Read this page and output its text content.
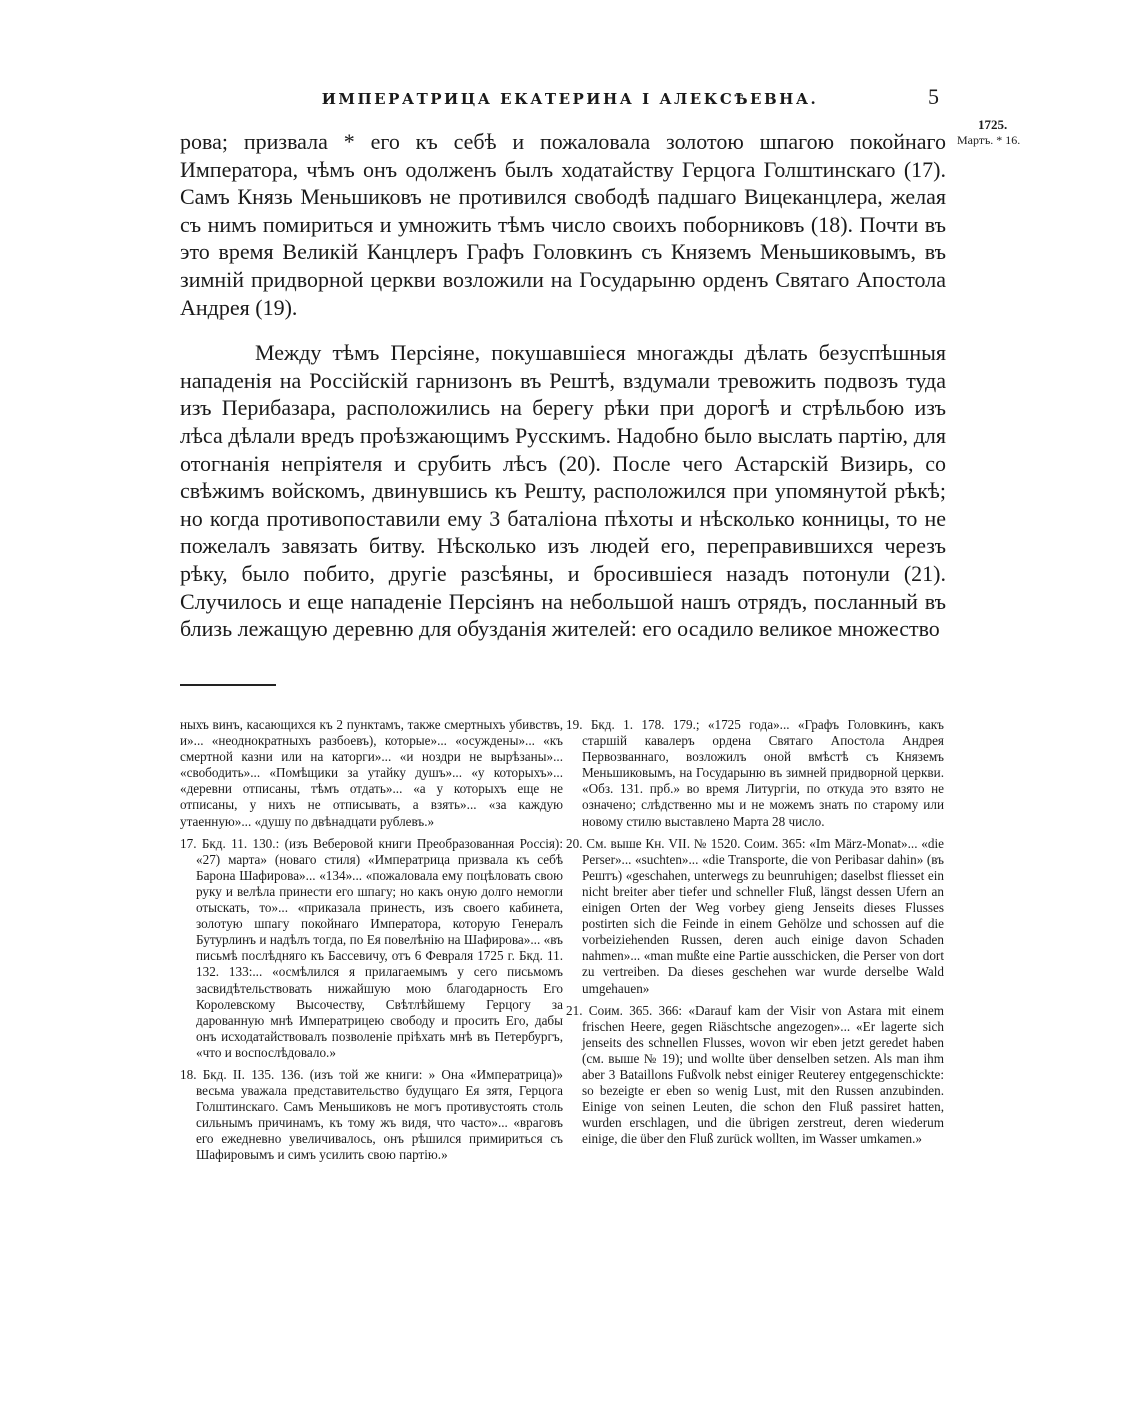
ИМПЕРАТРИЦА ЕКАТЕРИНА I АЛЕКСѢЕВНА.	5
1725.
Мартъ. * 16.

рова; призвала * его къ себѣ и пожаловала золотою шпагою покойнаго Императора, чѣмъ онъ одолженъ былъ ходатайству Герцога Голштинскаго (17). Самъ Князь Меньшиковъ не противился свободѣ падшаго Вицеканцлера, желая съ нимъ помириться и умножить тѣмъ число своихъ поборниковъ (18). Почти въ это время Великій Канцлеръ Графъ Головкинъ съ Княземъ Меньшиковымъ, въ зимній придворной церкви возложили на Государыню орденъ Святаго Апостола Андрея (19).

Между тѣмъ Персіяне, покушавшіеся многажды дѣлать безуспѣшныя нападенія на Россійскій гарнизонъ въ Рештѣ, вздумали тревожить подвозъ туда изъ Перибазара, расположились на берегу рѣки при дорогѣ и стрѣльбою изъ лѣса дѣлали вредъ проѣзжающимъ Русскимъ. Надобно было выслать партію, для отогнанія непріятеля и срубить лѣсъ (20). После чего Астарскій Визирь, со свѣжимъ войскомъ, двинувшись къ Решту, расположился при упомянутой рѣкѣ; но когда противопоставили ему 3 баталіона пѣхоты и нѣсколько конницы, то не пожелалъ завязать битву. Нѣсколько изъ людей его, переправившихся черезъ рѣку, было побито, другіе разсѣяны, и бросившіеся назадъ потонули (21). Случилось и еще нападеніе Персіянъ на небольшой нашъ отрядъ, посланный въ близь лежащую деревню для обузданія жителей: его осадило великое множество

ныхъ винъ, касающихся къ 2 пунктамъ, также смертныхъ убивствъ, и»... «неоднократныхъ разбоевъ), которые»... «осуждены»... «къ смертной казни или на каторги»... «и ноздри не вырѣзаны»... «свободить»... «Помѣщики за утайку душъ»... «у которыхъ»... «деревни отписаны, тѣмъ отдать»... «а у которыхъ еще не отписаны, у нихъ не отписывать, а взять»... «за каждую утаенную»... «душу по двѣнадцати рублевъ.»

17. Бкд. 11. 130.: (изъ Веберовой книги Преобразованная Россія): «27) марта» (новаго стиля) «Императрица призвала къ себѣ Барона Шафирова»... «134»... «пожаловала ему поцѣловать свою руку и велѣла принести его шпагу; но какъ оную долго немогли отыскать, то»... «приказала принесть, изъ своего кабинета, золотую шпагу покойнаго Императора, которую Генералъ Бутурлинъ и надѣлъ тогда, по Ея повелѣнію на Шафирова»... «въ письмѣ послѣдняго къ Бассевичу, отъ 6 Февраля 1725 г. Бкд. 11. 132. 133:... «осмѣлился я прилагаемымъ у сего письмомъ засвидѣтельствовать нижайшую мою благодарность Его Королевскому Высочеству, Свѣтлѣйшему Герцогу за дарованную мнѣ Императрицею свободу и просить Его, дабы онъ исходатайствовалъ позволеніе пріѣхать мнѣ въ Петербургъ, «что и воспослѣдовало.»

18. Бкд. II. 135. 136. (изъ той же книги: » Она «Императрица)» весьма уважала представительство будущаго Ея зятя, Герцога Голштинскаго. Самъ Меньшиковъ не могъ противустоять столь сильнымъ причинамъ, къ тому жъ видя, что часто»... «враговъ его ежедневно увеличивалось, онъ рѣшился примириться съ Шафировымъ и симъ усилить свою партію.»

19. Бкд. 1. 178. 179.; «1725 года»... «Графъ Головкинъ, какъ старшій кавалеръ ордена Святаго Апостола Андрея Первозваннаго, возложилъ оной вмѣстѣ съ Княземъ Меньшиковымъ, на Государыню въ зимней придворной церкви. «Обз. 131. прб.» во время Литургіи, по откуда это взято не означено; слѣдственно мы и не можемъ знать по старому или новому стилю выставлено Марта 28 число.

20. См. выше Кн. VII. № 1520. Соим. 365: «Im März-Monat»... «die Perser»... «suchten»... «die Transporte, die von Peribasar dahin» (въ Рештъ) «geschahen, unterwegs zu beunruhigen; daselbst fliesset ein nicht breiter aber tiefer und schneller Fluß, längst dessen Ufern an einigen Orten der Weg vorbey gieng Jenseits dieses Flusses postirten sich die Feinde in einem Gehölze und schossen auf die vorbeiziehenden Russen, deren auch einige davon Schaden nahmen»... «man mußte eine Partie ausschicken, die Perser von dort zu vertreiben. Da dieses geschehen war wurde derselbe Wald umgehauen»

21. Соим. 365. 366: «Darauf kam der Visir von Astara mit einem frischen Heere, gegen Riäschtsche angezogen»... «Er lagerte sich jenseits des schnellen Flusses, wovon wir eben jetzt geredet haben (см. выше № 19); und wollte über denselben setzen. Als man ihm aber 3 Bataillons Fußvolk nebst einiger Reuterey entgegenschickte: so bezeigte er eben so wenig Lust, mit den Russen anzubinden. Einige von seinen Leuten, die schon den Fluß passiret hatten, wurden erschlagen, und die übrigen zerstreut, deren wiederum einige, die über den Fluß zurück wollten, im Wasser umkamen.»
